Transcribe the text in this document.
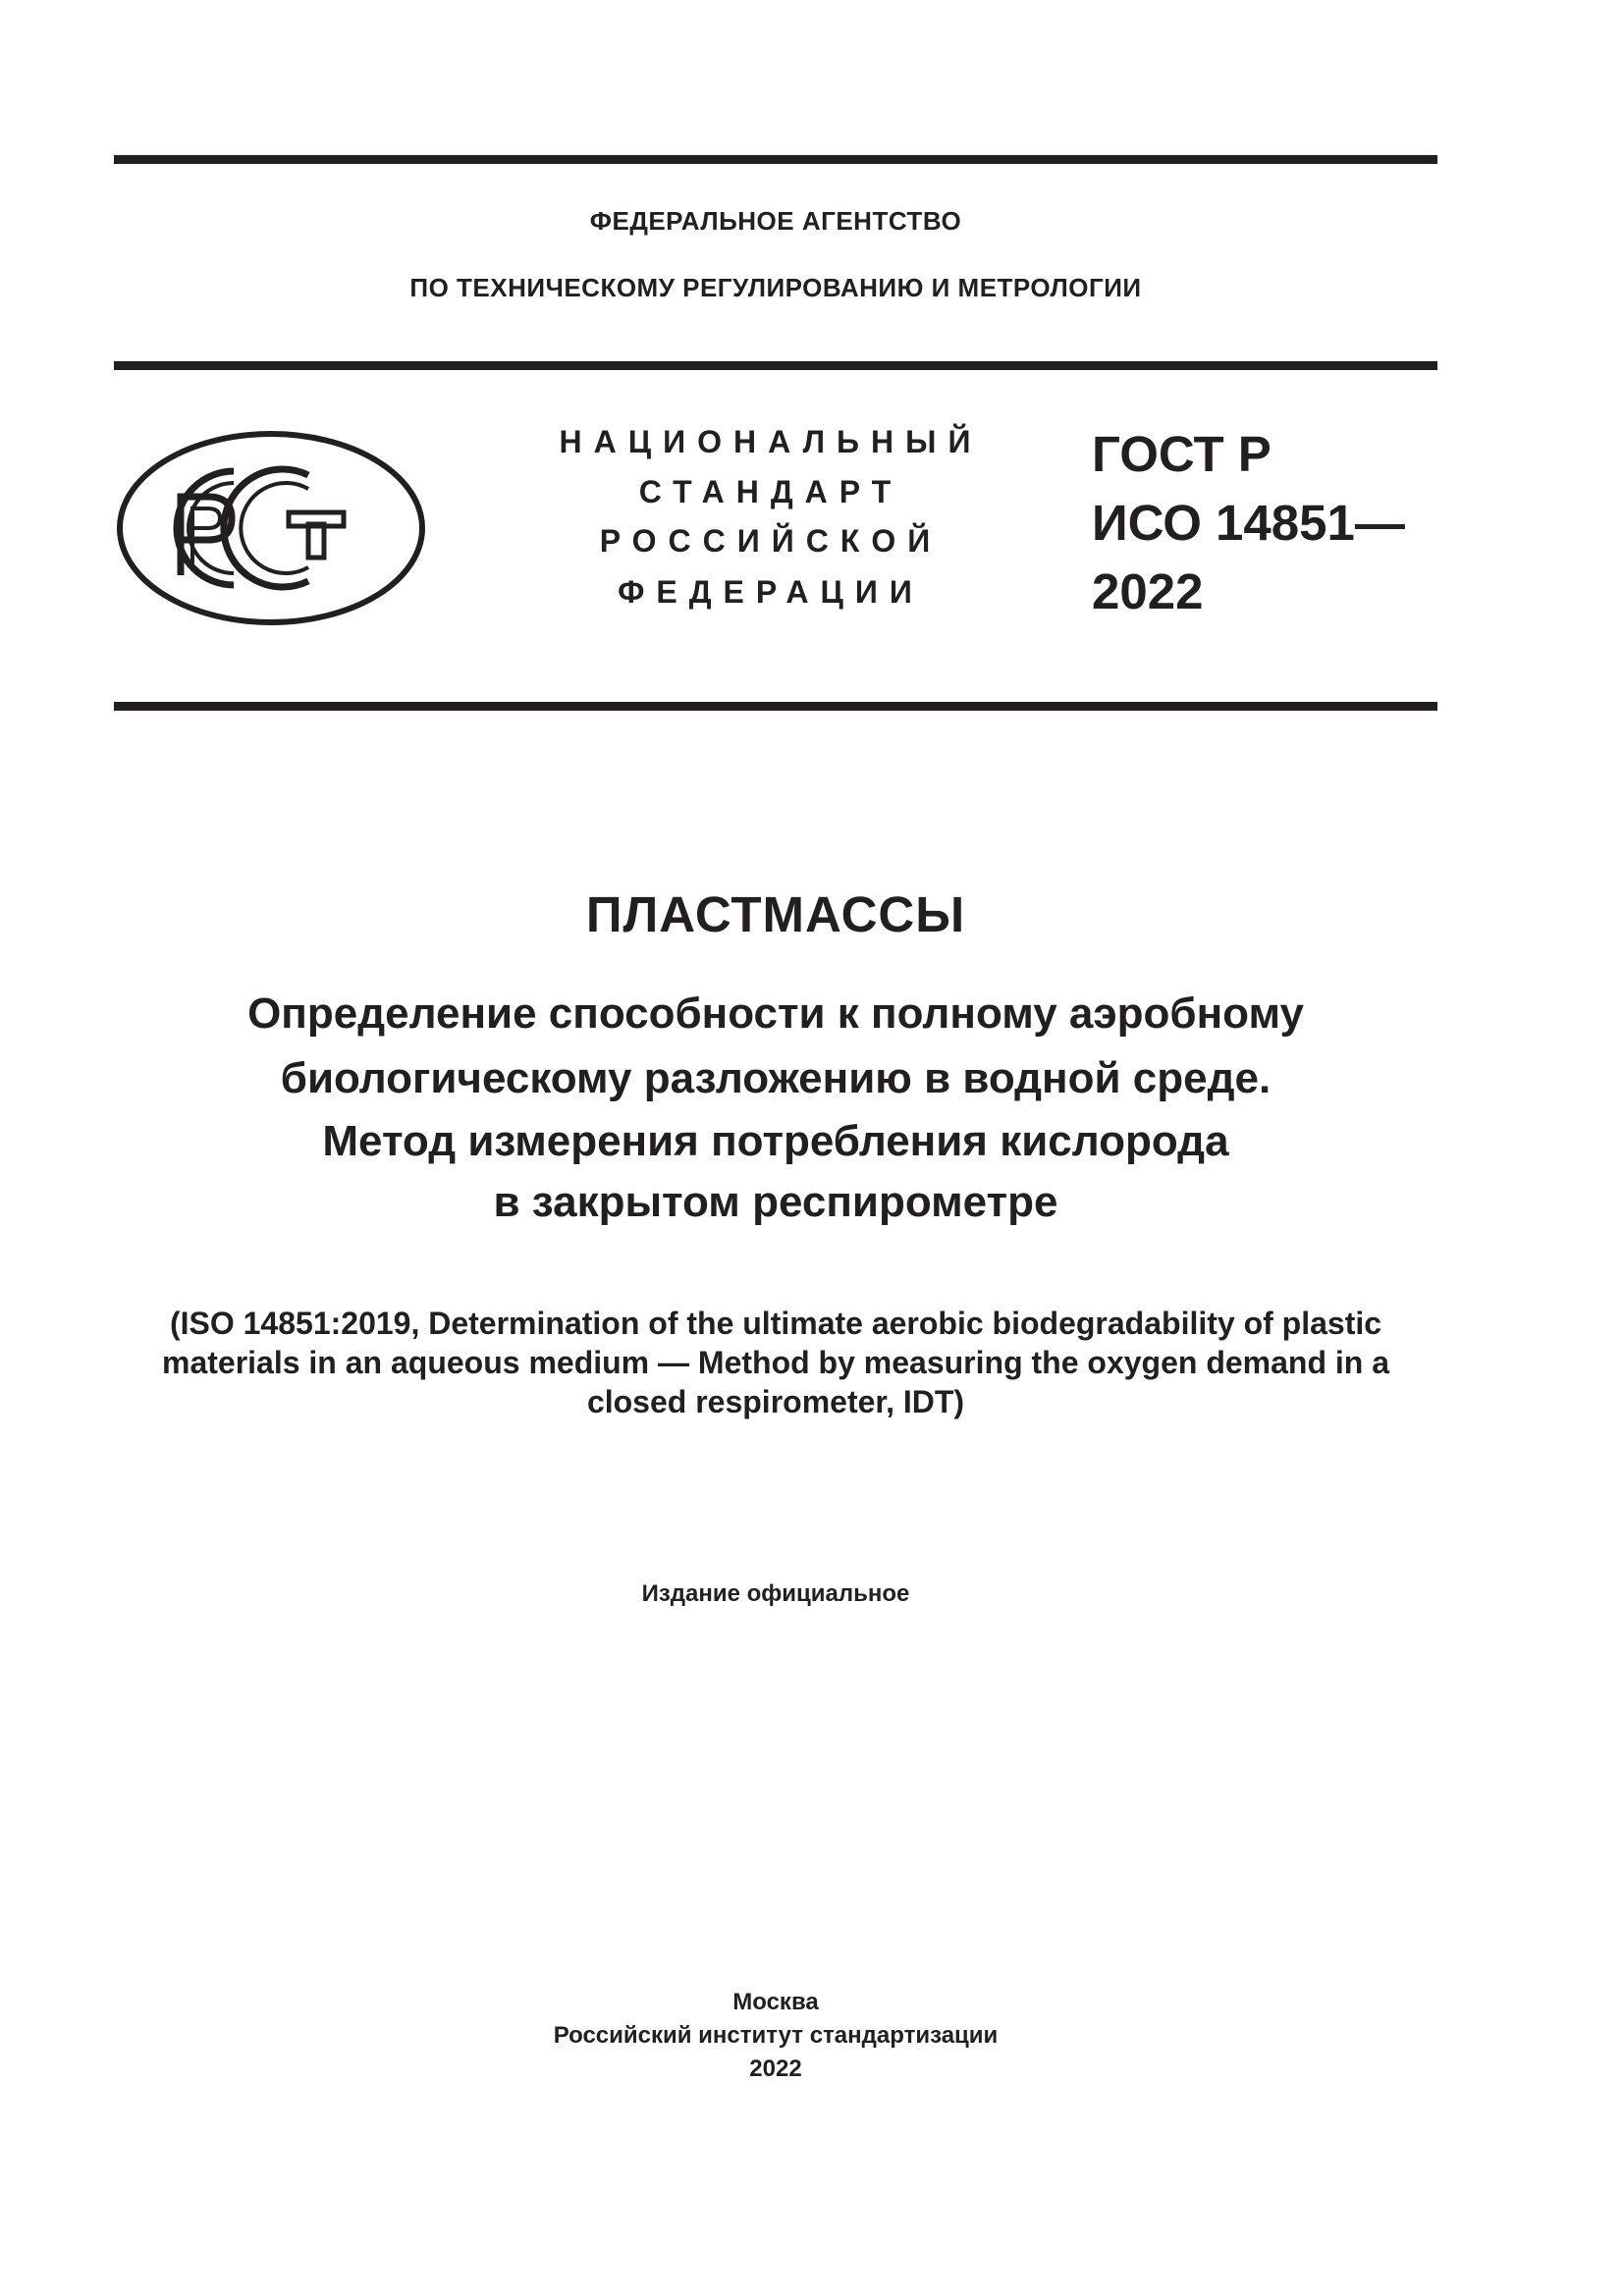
ФЕДЕРАЛЬНОЕ АГЕНТСТВО
ПО ТЕХНИЧЕСКОМУ РЕГУЛИРОВАНИЮ И МЕТРОЛОГИИ
НАЦИОНАЛЬНЫЙ
СТАНДАРТ
РОССИЙСКОЙ
ФЕДЕРАЦИИ
ГОСТ Р
ИСО 14851—
2022
ПЛАСТМАССЫ
Определение способности к полному аэробному
биологическому разложению в водной среде.
Метод измерения потребления кислорода
в закрытом респирометре
(ISO 14851:2019, Determination of the ultimate aerobic biodegradability of plastic
materials in an aqueous medium — Method by measuring the oxygen demand in a
closed respirometer, IDT)
Издание официальное
Москва
Российский институт стандартизации
2022
